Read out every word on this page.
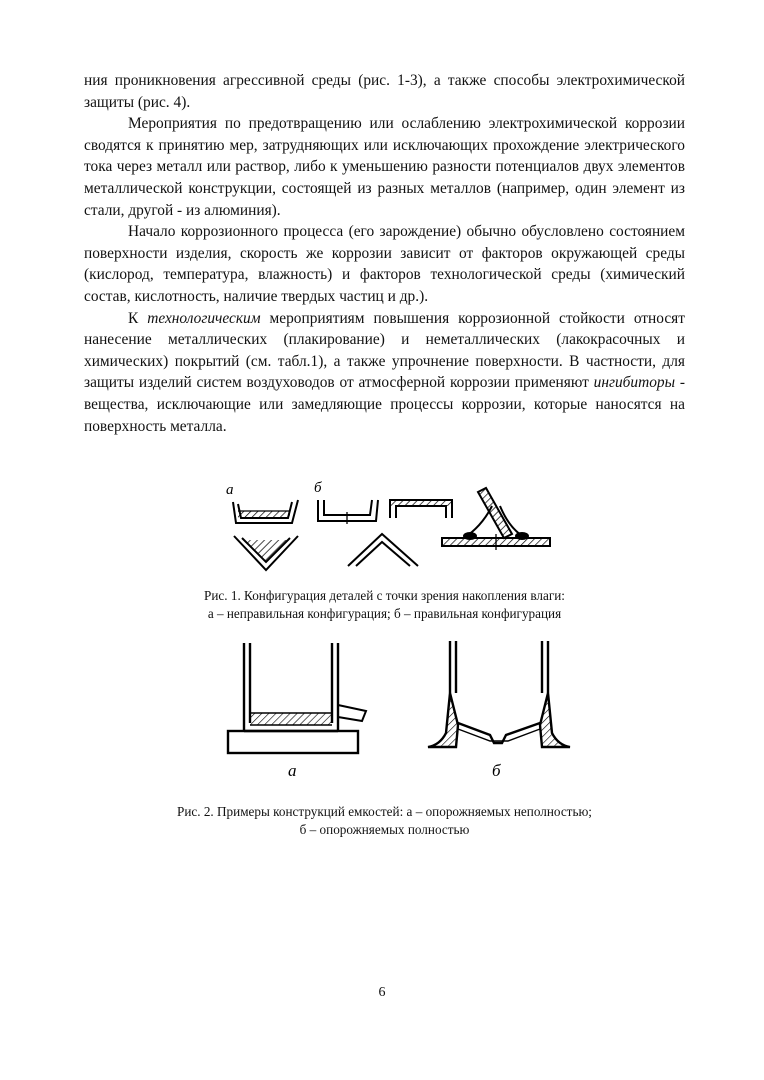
ния проникновения агрессивной среды (рис. 1-3), а также способы электрохимической защиты (рис. 4).

Мероприятия по предотвращению или ослаблению электрохимической коррозии сводятся к принятию мер, затрудняющих или исключающих прохождение электрического тока через металл или раствор, либо к уменьшению разности потенциалов двух элементов металлической конструкции, состоящей из разных металлов (например, один элемент из стали, другой - из алюминия).

Начало коррозионного процесса (его зарождение) обычно обусловлено состоянием поверхности изделия, скорость же коррозии зависит от факторов окружающей среды (кислород, температура, влажность) и факторов технологической среды (химический состав, кислотность, наличие твердых частиц и др.).

К технологическим мероприятиям повышения коррозионной стойкости относят нанесение металлических (плакирование) и неметаллических (лакокрасочных и химических) покрытий (см. табл.1), а также упрочнение поверхности. В частности, для защиты изделий систем воздуховодов от атмосферной коррозии применяют ингибиторы - вещества, исключающие или замедляющие процессы коррозии, которые наносятся на поверхность металла.

а	б
Рис. 1. Конфигурация деталей с точки зрения накопления влаги:
а – неправильная конфигурация; б – правильная конфигурация
а	б
Рис. 2. Примеры конструкций емкостей: а – опорожняемых неполностью;
б – опорожняемых полностью
6
